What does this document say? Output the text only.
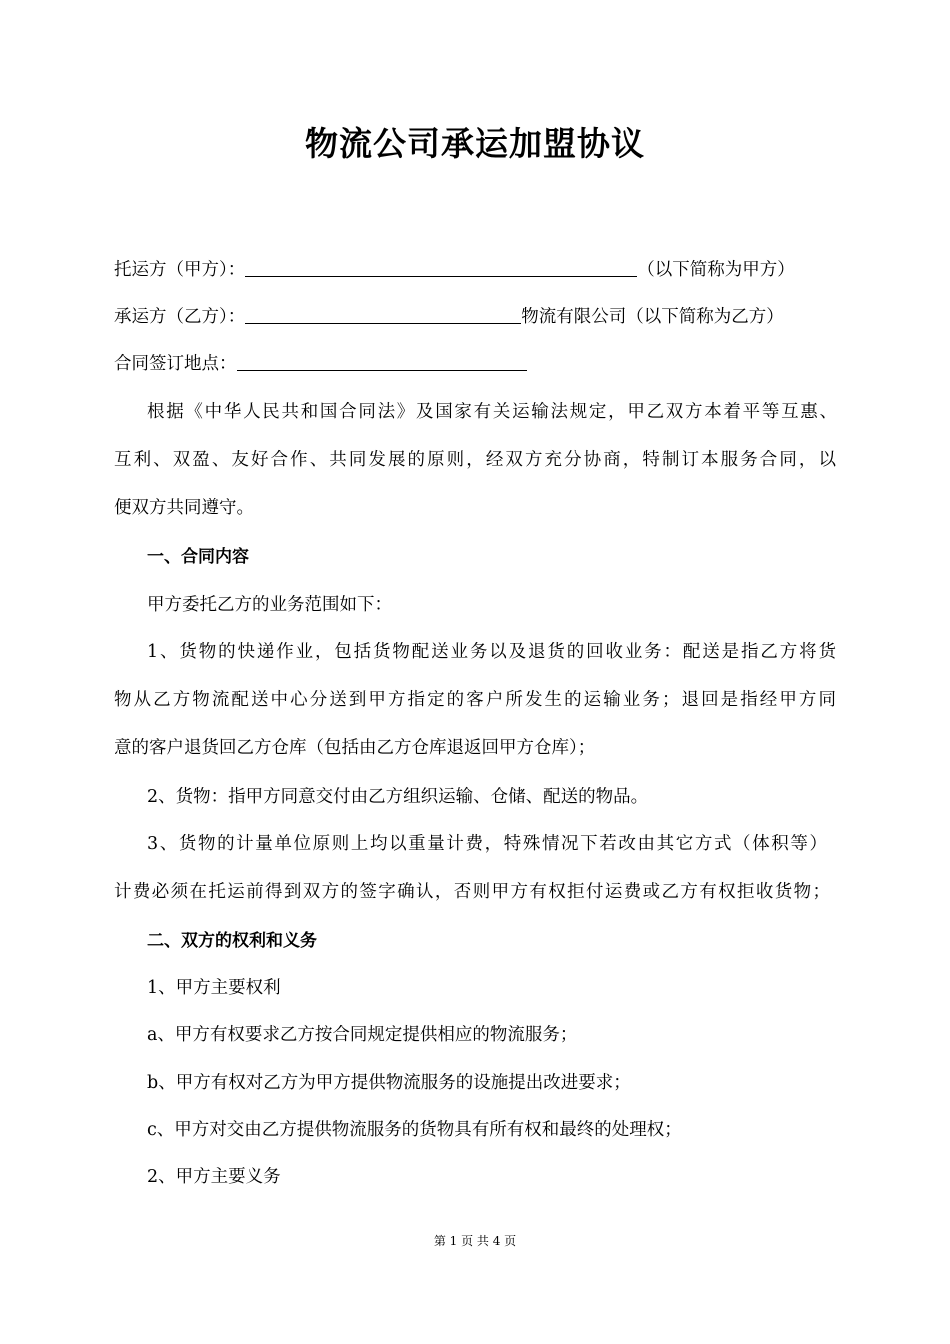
物流公司承运加盟协议
托运方（甲方）：	（以下简称为甲方）
承运方（乙方）：	物流有限公司（以下简称为乙方）
合同签订地点：
根据《中华人民共和国合同法》及国家有关运输法规定，甲乙双方本着平等互惠、
互利、双盈、友好合作、共同发展的原则，经双方充分协商，特制订本服务合同，以
便双方共同遵守。
一、合同内容
甲方委托乙方的业务范围如下：
1、货物的快递作业，包括货物配送业务以及退货的回收业务：配送是指乙方将货
物从乙方物流配送中心分送到甲方指定的客户所发生的运输业务；退回是指经甲方同
意的客户退货回乙方仓库（包括由乙方仓库退返回甲方仓库）；
2、货物：指甲方同意交付由乙方组织运输、仓储、配送的物品。
3、货物的计量单位原则上均以重量计费，特殊情况下若改由其它方式（体积等）
计费必须在托运前得到双方的签字确认，否则甲方有权拒付运费或乙方有权拒收货物；
二、双方的权利和义务
1、甲方主要权利
a、甲方有权要求乙方按合同规定提供相应的物流服务；
b、甲方有权对乙方为甲方提供物流服务的设施提出改进要求；
c、甲方对交由乙方提供物流服务的货物具有所有权和最终的处理权；
2、甲方主要义务
第 1 页 共 4 页
